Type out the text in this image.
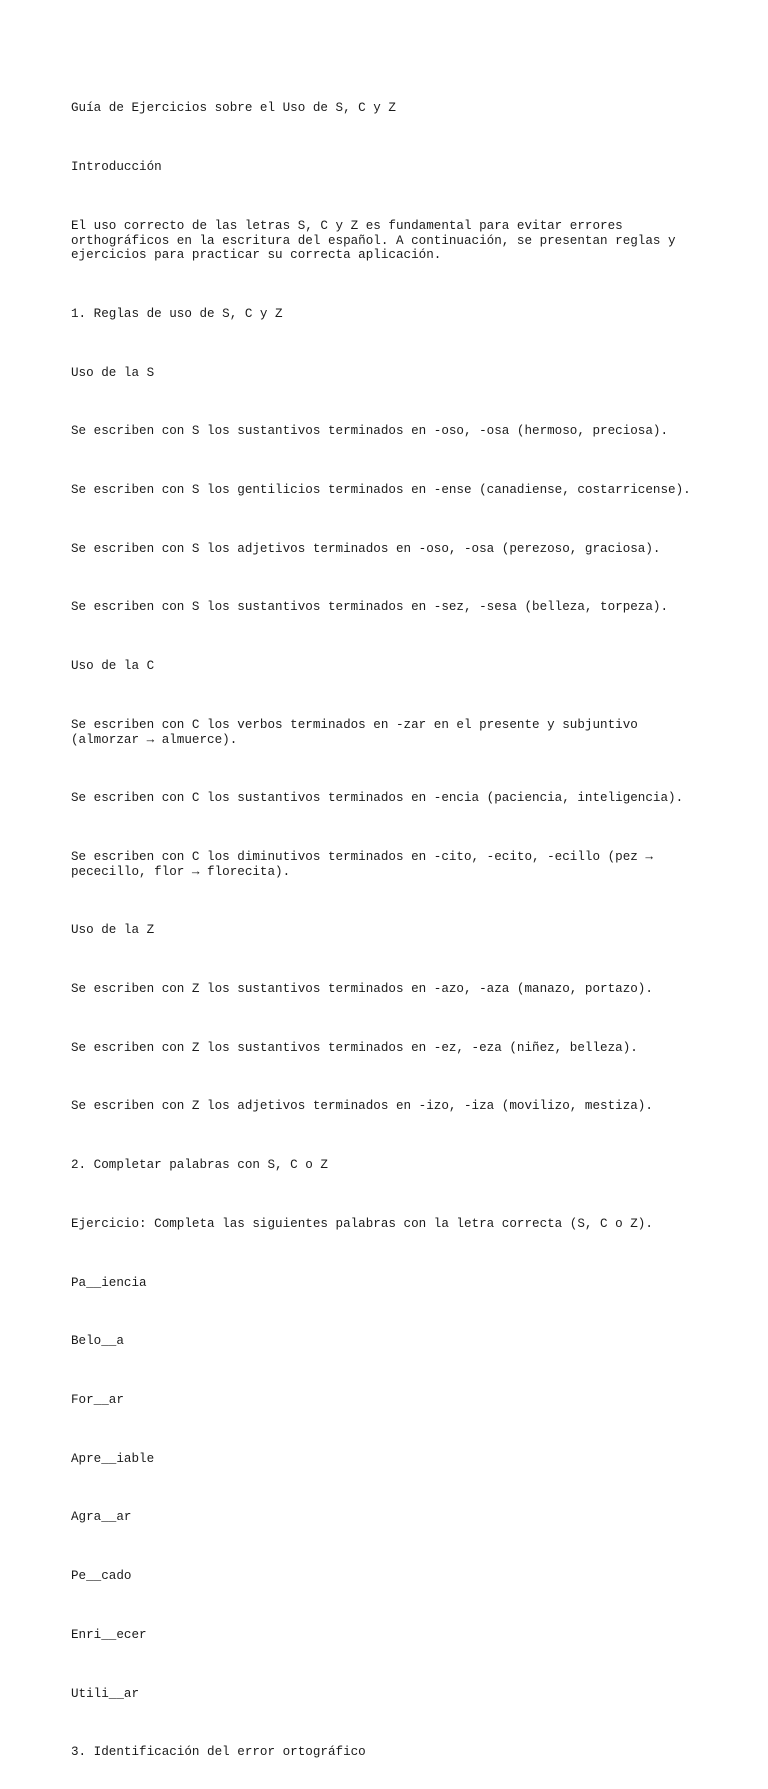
Guía de Ejercicios sobre el Uso de S, C y Z

Introducción

El uso correcto de las letras S, C y Z es fundamental para evitar errores
orthográficos en la escritura del español. A continuación, se presentan reglas y
ejercicios para practicar su correcta aplicación.

1. Reglas de uso de S, C y Z

Uso de la S

Se escriben con S los sustantivos terminados en -oso, -osa (hermoso, preciosa).

Se escriben con S los gentilicios terminados en -ense (canadiense, costarricense).

Se escriben con S los adjetivos terminados en -oso, -osa (perezoso, graciosa).

Se escriben con S los sustantivos terminados en -sez, -sesa (belleza, torpeza).

Uso de la C

Se escriben con C los verbos terminados en -zar en el presente y subjuntivo
(almorzar → almuerce).

Se escriben con C los sustantivos terminados en -encia (paciencia, inteligencia).

Se escriben con C los diminutivos terminados en -cito, -ecito, -ecillo (pez →
pececillo, flor → florecita).

Uso de la Z

Se escriben con Z los sustantivos terminados en -azo, -aza (manazo, portazo).

Se escriben con Z los sustantivos terminados en -ez, -eza (niñez, belleza).

Se escriben con Z los adjetivos terminados en -izo, -iza (movilizo, mestiza).

2. Completar palabras con S, C o Z

Ejercicio: Completa las siguientes palabras con la letra correcta (S, C o Z).

Pa__iencia

Belo__a

For__ar

Apre__iable

Agra__ar

Pe__cado

Enri__ecer

Utili__ar

3. Identificación del error ortográfico
